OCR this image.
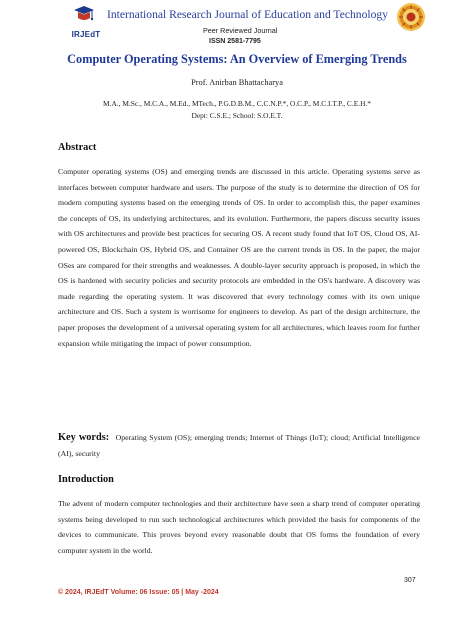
IRJEdT
International Research Journal of Education and Technology
Peer Reviewed Journal
ISSN 2581-7795
Computer Operating Systems: An Overview of Emerging Trends
Prof. Anirban Bhattacharya
M.A., M.Sc., M.C.A., M.Ed., MTech., P.G.D.B.M., C.C.N.P.*, O.C.P., M.C.I.T.P., C.E.H.*
Dept: C.S.E.; School: S.O.E.T.
Abstract
Computer operating systems (OS) and emerging trends are discussed in this article. Operating systems serve as interfaces between computer hardware and users. The purpose of the study is to determine the direction of OS for modern computing systems based on the emerging trends of OS. In order to accomplish this, the paper examines the concepts of OS, its underlying architectures, and its evolution. Furthermore, the papers discuss security issues with OS architectures and provide best practices for securing OS. A recent study found that IoT OS, Cloud OS, AI-powered OS, Blockchain OS, Hybrid OS, and Container OS are the current trends in OS. In the paper, the major OSes are compared for their strengths and weaknesses. A double-layer security approach is proposed, in which the OS is hardened with security policies and security protocols are embedded in the OS's hardware. A discovery was made regarding the operating system. It was discovered that every technology comes with its own unique architecture and OS. Such a system is worrisome for engineers to develop. As part of the design architecture, the paper proposes the development of a universal operating system for all architectures, which leaves room for further expansion while mitigating the impact of power consumption.
Key words: Operating System (OS); emerging trends; Internet of Things (IoT); cloud; Artificial Intelligence (AI), security
Introduction
The advent of modern computer technologies and their architecture have seen a sharp trend of computer operating systems being developed to run such technological architectures which provided the basis for components of the devices to communicate. This proves beyond every reasonable doubt that OS forms the foundation of every computer system in the world.
307
© 2024, IRJEdT Volume: 06 Issue: 05 | May -2024
